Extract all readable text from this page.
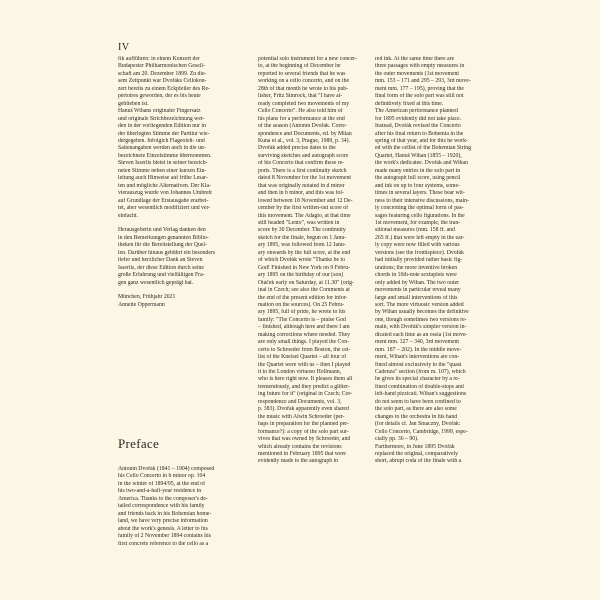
IV
fik aufführen: in einem Konzert der
Budapester Philharmonischen Gesell-
schaft am 20. Dezember 1899. Zu die-
sem Zeitpunkt war Dvořáks Cellokon-
zert bereits zu einem Eckpfeiler des Re-
pertoires geworden, der es bis heute
geblieben ist.
Hanuš Wihans originaler Fingersatz
und originale Strichbezeichnung wer-
den in der vorliegenden Edition nur in
der überlegten Stimme der Partitur wie-
dergegeben. Infolgich Flageolett- und
Saitenangaben werden auch in die un-
bezeichnete Einzelstimme übernommen.
Steven Isserlis bietet in seiner bezeich-
neten Stimme neben einer kurzen Ein-
leitung auch Hinweise auf frühe Lesar-
ten und mögliche Alternativen. Der Kla-
vierauszug wurde von Johannes Umbreit
auf Grundlage der Erstausgabe erarbei-
tet, aber wesentlich modifiziert und ver-
einfacht.
Herausgeberin und Verlag danken den
in den Bemerkungen genannten Biblio-
theken für die Bereitstellung der Quel-
len. Darüber hinaus gebührt ein besonders
tiefer und herzlicher Dank an Steven
Isserlis, der diese Edition durch seine
große Erfahrung und vielfältigen Fra-
gen ganz wesentlich geprägt hat.
München, Frühjahr 2021
Annette Oppermann
Preface
Antonín Dvořák (1841 – 1904) composed
his Cello Concerto in b minor op. 104
in the winter of 1894/95, at the end of
his two-and-a-half-year residence in
America. Thanks to the composer's de-
tailed correspondence with his family
and friends back in his Bohemian home-
land, we have very precise information
about the work's genesis. A letter to his
family of 2 November 1894 contains his
first concrete reference to the cello as a
potential solo instrument for a new concer-
to, at the beginning of December he
reported to several friends that he was
working on a cello concerto, and on the
28th of that month he wrote to his pub-
lisher, Fritz Simrock, that "I have al-
ready completed two movements of my
Cello Concerto". He also told him of
his plans for a performance at the end
of the season (Antonín Dvořák. Corre-
spondence and Documents, ed. by Milan
Kuna et al., vol. 3, Prague, 1989, p. 34).
Dvořák added precise dates to the
surviving sketches and autograph score
of his Concerto that confirm these re-
ports. There is a first continuity sketch
dated 8 November for the 1st movement
that was originally notated in d minor
and then in b minor, and this was fol-
lowed between 18 November and 12 De-
cember by the first written-out score of
this movement. The Adagio, at that time
still headed "Lento", was written in
score by 30 December. The continuity
sketch for the finale, begun on 1 Janu-
ary 1895, was followed from 12 Janu-
ary onwards by the full score, at the end
of which Dvořák wrote "Thanks be to
God! Finished in New York on 9 Febru-
ary 1895 on the birthday of our [son]
Otáček early on Saturday, at 11.30" (orig-
inal in Czech; see also the Comments at
the end of the present edition for infor-
mation on the sources). On 25 Febru-
ary 1895, full of pride, he wrote to his
family: "The Concerto is – praise God
– finished, although here and there I am
making corrections where needed. They
are only small things. I played the Con-
certo to Schroeder from Boston, the cel-
list of the Kneisel Quartet – all four of
the Quartet were with us – then I played
it to the London virtuoso Hollmann,
who is here right now. It pleases them all
tremendously, and they predict a glitter-
ing future for it" (original in Czech; Cor-
respondence and Documents, vol. 3,
p. 383). Dvořák apparently even shared
the music with Alwin Schroeder (per-
haps in preparation for the planned per-
formance?): a copy of the solo part sur-
vives that was owned by Schroeder, and
which already contains the revisions
mentioned in February 1895 that were
evidently made to the autograph in
red ink. At the same time there are
three passages with empty measures in
the outer movements (1st movement
mm. 153 – 171 and 295 – 293, 3rd move-
ment mm. 177 – 195), proving that the
final form of the solo part was still not
definitively fixed at this time.
The American performance planned
for 1895 evidently did not take place.
Instead, Dvořák revised the Concerto
after his final return to Bohemia in the
spring of that year, and for this he work-
ed with the cellist of the Bohemian String
Quartet, Hanuš Wihan (1855 – 1920),
the work's dedicatee. Dvořák and Wihan
made many entries in the solo part in
the autograph full score, using pencil
and ink on up to four systems, some-
times in several layers. These bear wit-
ness to their intensive discussions, main-
ly concerning the optimal form of pas-
sages featuring cello figurations. In the
1st movement, for example, the tran-
sitional measures (mm. 158 ff. and
265 ff.) that were left empty in the ear-
ly copy were now filled with various
versions (see the frontispiece). Dvořák
had initially provided rather basic fig-
urations; the more inventive broken
chords in 16th-note sextuplets were
only added by Wihan. The two outer
movements in particular reveal many
large and small interventions of this
sort. The more virtuosic version added
by Wihan usually becomes the definitive
one, though sometimes two versions re-
main, with Dvořák's simpler version in-
dicated each time as an ossia (1st move-
ment mm. 327 – 340, 3rd movement
mm. 187 – 202). In the middle move-
ment, Wihan's interventions are con-
fined almost exclusively to the "quasi
Cadenza" section (from m. 107), which
he gives its special character by a re-
fined combination of double-stops and
left-hand pizzicati. Wihan's suggestions
do not seem to have been confined to
the solo part, as there are also some
changes to the orchestra in his hand
(for details cf. Jan Smaczny, Dvořák:
Cello Concerto, Cambridge, 1999, espe-
cially pp. 36 – 90).
Furthermore, in June 1895 Dvořák
replaced the original, comparatively
short, abrupt coda of the finale with a
